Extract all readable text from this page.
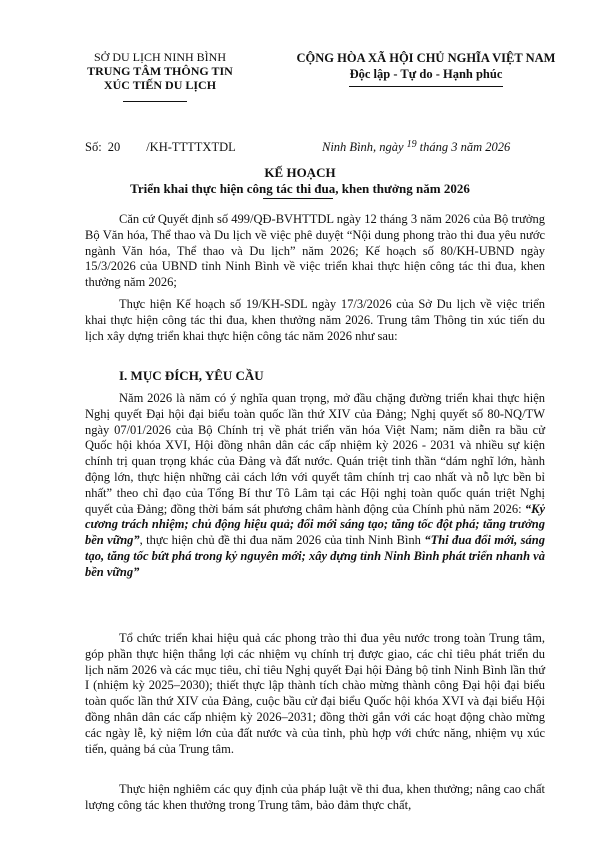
SỞ DU LỊCH NINH BÌNH
TRUNG TÂM THÔNG TIN
XÚC TIẾN DU LỊCH
CỘNG HÒA XÃ HỘI CHỦ NGHĨA VIỆT NAM
Độc lập - Tự do - Hạnh phúc
Số: 20 /KH-TTTTXTDL	Ninh Bình, ngày $^{19}$ tháng 3 năm 2026
KẾ HOẠCH
Triển khai thực hiện công tác thi đua, khen thưởng năm 2026
Căn cứ Quyết định số 499/QĐ-BVHTTDL ngày 12 tháng 3 năm 2026 của Bộ trưởng Bộ Văn hóa, Thể thao và Du lịch về việc phê duyệt “Nội dung phong trào thi đua yêu nước ngành Văn hóa, Thể thao và Du lịch” năm 2026; Kế hoạch số 80/KH-UBND ngày 15/3/2026 của UBND tỉnh Ninh Bình về việc triển khai thực hiện công tác thi đua, khen thưởng năm 2026;
Thực hiện Kế hoạch số 19/KH-SDL ngày 17/3/2026 của Sở Du lịch về việc triển khai thực hiện công tác thi đua, khen thưởng năm 2026. Trung tâm Thông tin xúc tiến du lịch xây dựng triển khai thực hiện công tác năm 2026 như sau:
I. MỤC ĐÍCH, YÊU CẦU
Năm 2026 là năm có ý nghĩa quan trọng, mở đầu chặng đường triển khai thực hiện Nghị quyết Đại hội đại biểu toàn quốc lần thứ XIV của Đảng; Nghị quyết số 80-NQ/TW ngày 07/01/2026 của Bộ Chính trị về phát triển văn hóa Việt Nam; năm diễn ra bầu cử Quốc hội khóa XVI, Hội đồng nhân dân các cấp nhiệm kỳ 2026 - 2031 và nhiều sự kiện chính trị quan trọng khác của Đảng và đất nước. Quán triệt tinh thần “dám nghĩ lớn, hành động lớn, thực hiện những cải cách lớn với quyết tâm chính trị cao nhất và nỗ lực bền bỉ nhất” theo chỉ đạo của Tổng Bí thư Tô Lâm tại các Hội nghị toàn quốc quán triệt Nghị quyết của Đảng; đồng thời bám sát phương châm hành động của Chính phủ năm 2026: “Kỷ cương trách nhiệm; chủ động hiệu quả; đổi mới sáng tạo; tăng tốc đột phá; tăng trưởng bền vững”, thực hiện chủ đề thi đua năm 2026 của tỉnh Ninh Bình “Thi đua đổi mới, sáng tạo, tăng tốc bứt phá trong kỷ nguyên mới; xây dựng tỉnh Ninh Bình phát triển nhanh và bền vững”
Tổ chức triển khai hiệu quả các phong trào thi đua yêu nước trong toàn Trung tâm, góp phần thực hiện thắng lợi các nhiệm vụ chính trị được giao, các chỉ tiêu phát triển du lịch năm 2026 và các mục tiêu, chỉ tiêu Nghị quyết Đại hội Đảng bộ tỉnh Ninh Bình lần thứ I (nhiệm kỳ 2025–2030); thiết thực lập thành tích chào mừng thành công Đại hội đại biểu toàn quốc lần thứ XIV của Đảng, cuộc bầu cử đại biểu Quốc hội khóa XVI và đại biểu Hội đồng nhân dân các cấp nhiệm kỳ 2026–2031; đồng thời gắn với các hoạt động chào mừng các ngày lễ, kỷ niệm lớn của đất nước và của tỉnh, phù hợp với chức năng, nhiệm vụ xúc tiến, quảng bá của Trung tâm.
Thực hiện nghiêm các quy định của pháp luật về thi đua, khen thưởng; nâng cao chất lượng công tác khen thưởng trong Trung tâm, bảo đảm thực chất,
